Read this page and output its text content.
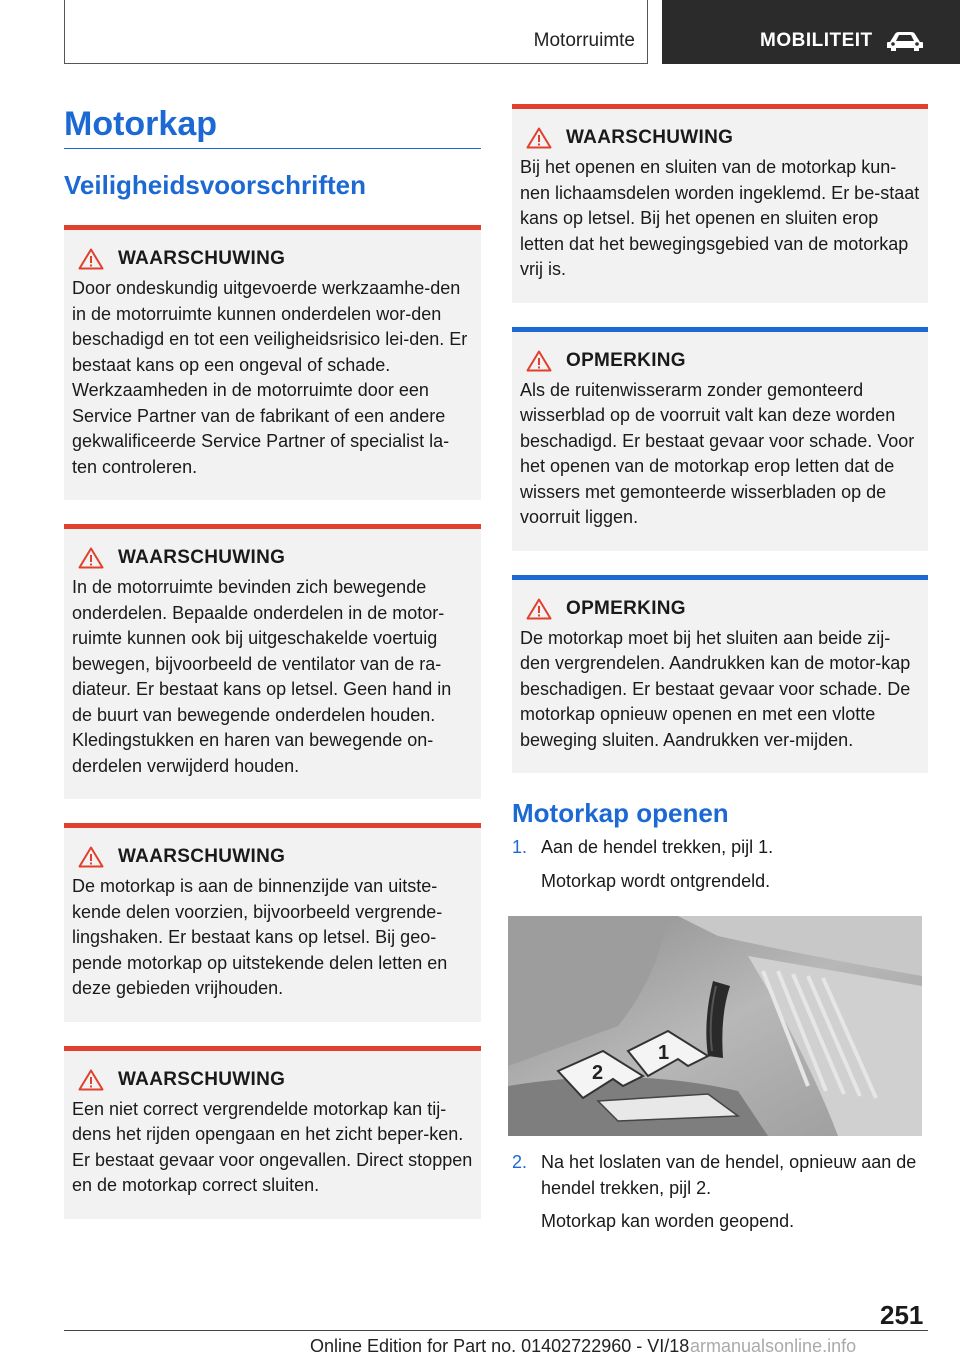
Motorruimte	MOBILITEIT
Motorkap
Veiligheidsvoorschriften
WAARSCHUWING
Door ondeskundig uitgevoerde werkzaamhe-den in de motorruimte kunnen onderdelen wor-den beschadigd en tot een veiligheidsrisico lei-den. Er bestaat kans op een ongeval of schade. Werkzaamheden in de motorruimte door een Service Partner van de fabrikant of een andere gekwalificeerde Service Partner of specialist la-ten controleren.
WAARSCHUWING
In de motorruimte bevinden zich bewegende onderdelen. Bepaalde onderdelen in de motor-ruimte kunnen ook bij uitgeschakelde voertuig bewegen, bijvoorbeeld de ventilator van de ra-diateur. Er bestaat kans op letsel. Geen hand in de buurt van bewegende onderdelen houden. Kledingstukken en haren van bewegende on-derdelen verwijderd houden.
WAARSCHUWING
De motorkap is aan de binnenzijde van uitste-kende delen voorzien, bijvoorbeeld vergrende-lingshaken. Er bestaat kans op letsel. Bij geo-pende motorkap op uitstekende delen letten en deze gebieden vrijhouden.
WAARSCHUWING
Een niet correct vergrendelde motorkap kan tij-dens het rijden opengaan en het zicht beper-ken. Er bestaat gevaar voor ongevallen. Direct stoppen en de motorkap correct sluiten.
WAARSCHUWING
Bij het openen en sluiten van de motorkap kun-nen lichaamsdelen worden ingeklemd. Er be-staat kans op letsel. Bij het openen en sluiten erop letten dat het bewegingsgebied van de motorkap vrij is.
OPMERKING
Als de ruitenwisserarm zonder gemonteerd wisserblad op de voorruit valt kan deze worden beschadigd. Er bestaat gevaar voor schade. Voor het openen van de motorkap erop letten dat de wissers met gemonteerde wisserbladen op de voorruit liggen.
OPMERKING
De motorkap moet bij het sluiten aan beide zij-den vergrendelen. Aandrukken kan de motor-kap beschadigen. Er bestaat gevaar voor schade. De motorkap opnieuw openen en met een vlotte beweging sluiten. Aandrukken ver-mijden.
Motorkap openen
1. Aan de hendel trekken, pijl 1.

Motorkap wordt ontgrendeld.

1
2
2. Na het loslaten van de hendel, opnieuw aan de hendel trekken, pijl 2.

Motorkap kan worden geopend.

251
Online Edition for Part no. 01402722960 - VI/18 armanualsonline.info
